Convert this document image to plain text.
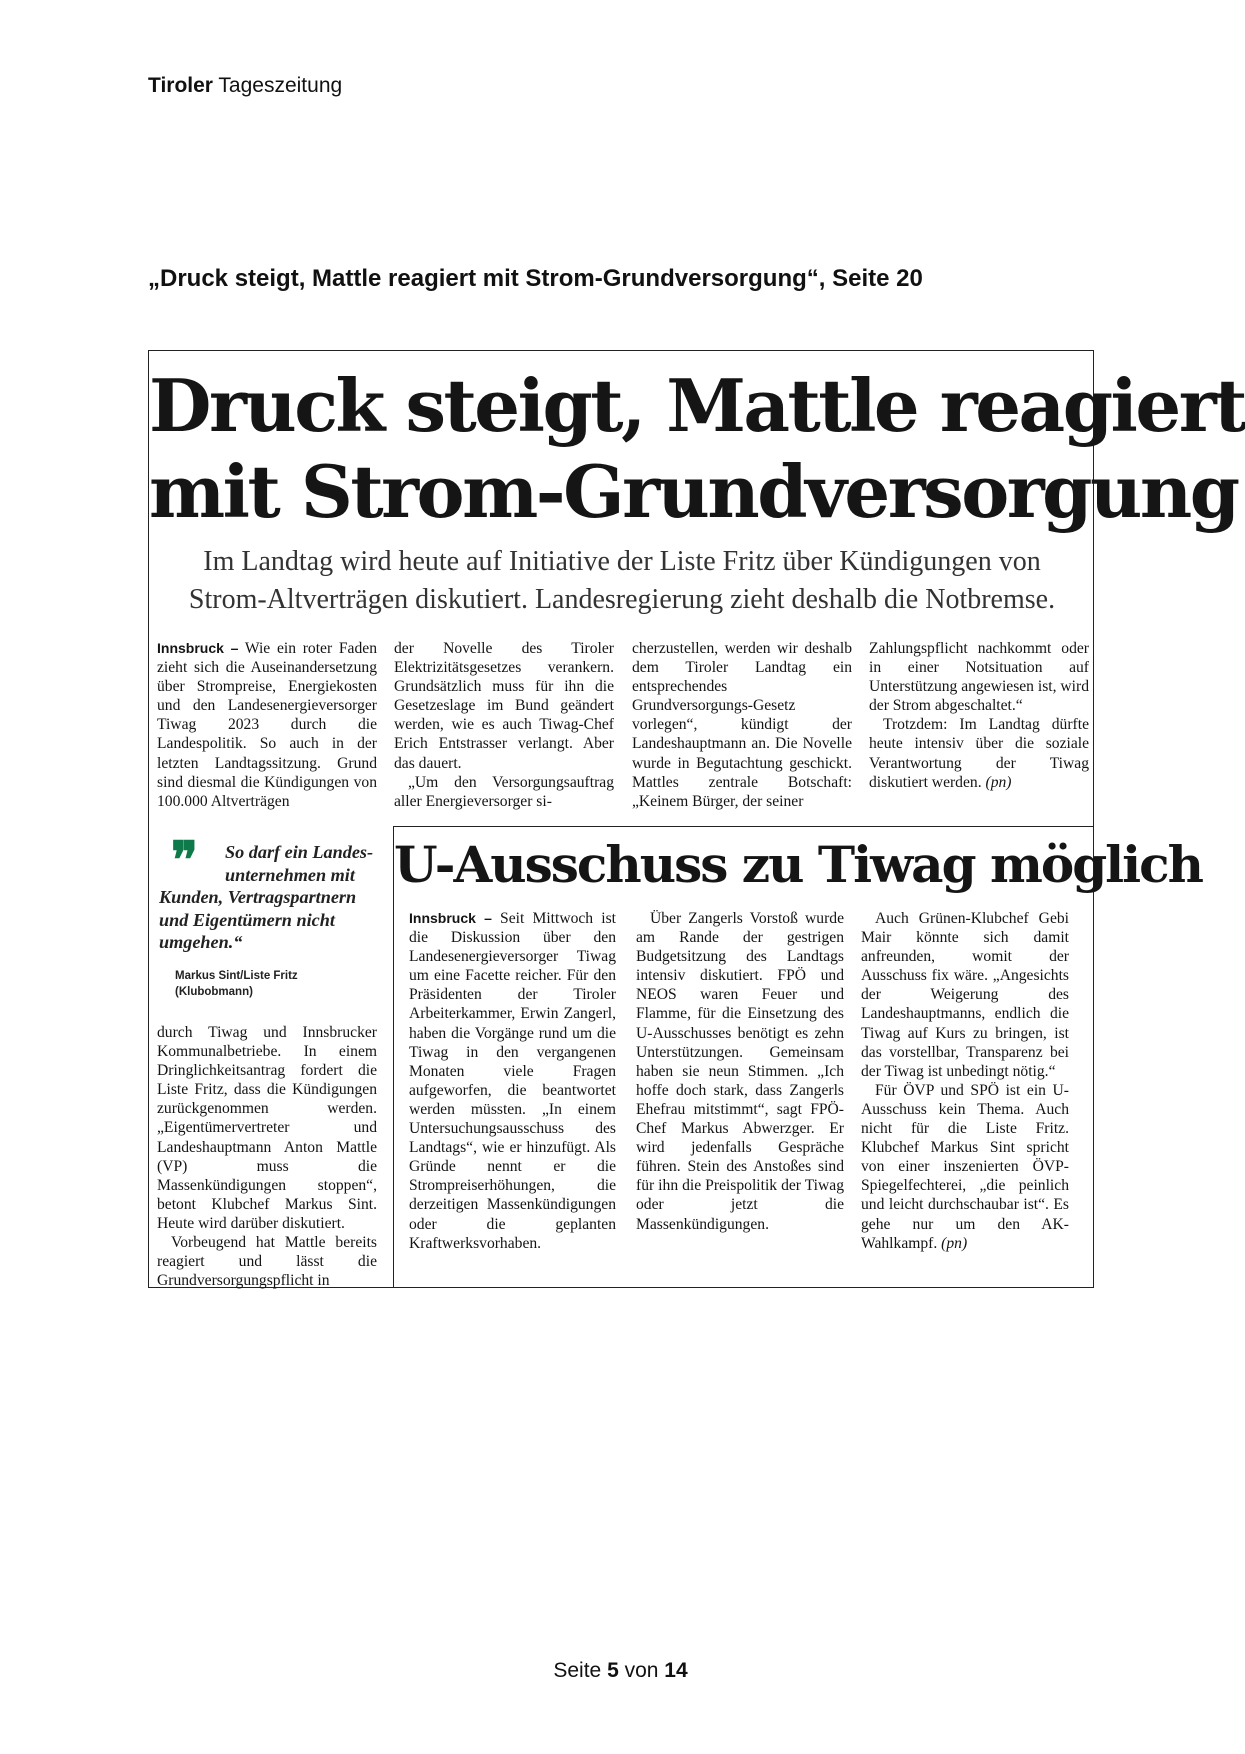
Tiroler Tageszeitung
„Druck steigt, Mattle reagiert mit Strom-Grundversorgung“, Seite 20
Druck steigt, Mattle reagiert
mit Strom-Grundversorgung
Im Landtag wird heute auf Initiative der Liste Fritz über Kündigungen von
Strom-Altverträgen diskutiert. Landesregierung zieht deshalb die Notbremse.

Innsbruck – Wie ein roter Faden zieht sich die Auseinandersetzung über Strompreise, Energiekosten und den Landesenergieversorger Tiwag 2023 durch die Landespolitik. So auch in der letzten Landtagssitzung. Grund sind diesmal die Kündigungen von 100.000 Altverträgen

der Novelle des Tiroler Elektrizitätsgesetzes verankern. Grundsätzlich muss für ihn die Gesetzeslage im Bund geändert werden, wie es auch Tiwag-Chef Erich Entstrasser verlangt. Aber das dauert.

„Um den Versorgungsauftrag aller Energieversorger si-

cherzustellen, werden wir deshalb dem Tiroler Landtag ein entsprechendes Grundversorgungs-Gesetz vorlegen“, kündigt der Landeshauptmann an. Die Novelle wurde in Begutachtung geschickt. Mattles zentrale Botschaft: „Keinem Bürger, der seiner

Zahlungspflicht nachkommt oder in einer Notsituation auf Unterstützung angewiesen ist, wird der Strom abgeschaltet.“

Trotzdem: Im Landtag dürfte heute intensiv über die soziale Verantwortung der Tiwag diskutiert werden. (pn)

❞	So darf ein Landes-
unternehmen mit
Kunden, Vertragspartnern und Eigentümern nicht umgehen.“
Markus Sint/Liste Fritz
(Klubobmann)

durch Tiwag und Innsbrucker Kommunalbetriebe. In einem Dringlichkeitsantrag fordert die Liste Fritz, dass die Kündigungen zurückgenommen werden. „Eigentümervertreter und Landeshauptmann Anton Mattle (VP) muss die Massenkündigungen stoppen“, betont Klubchef Markus Sint. Heute wird darüber diskutiert.

Vorbeugend hat Mattle bereits reagiert und lässt die Grundversorgungspflicht in

U-Ausschuss zu Tiwag möglich

Innsbruck – Seit Mittwoch ist die Diskussion über den Landesenergieversorger Tiwag um eine Facette reicher. Für den Präsidenten der Tiroler Arbeiterkammer, Erwin Zangerl, haben die Vorgänge rund um die Tiwag in den vergangenen Monaten viele Fragen aufgeworfen, die beantwortet werden müssten. „In einem Untersuchungsausschuss des Landtags“, wie er hinzufügt. Als Gründe nennt er die Strompreiserhöhungen, die derzeitigen Massenkündigungen oder die geplanten Kraftwerksvorhaben.

Über Zangerls Vorstoß wurde am Rande der gestrigen Budgetsitzung des Landtags intensiv diskutiert. FPÖ und NEOS waren Feuer und Flamme, für die Einsetzung des U-Ausschusses benötigt es zehn Unterstützungen. Gemeinsam haben sie neun Stimmen. „Ich hoffe doch stark, dass Zangerls Ehefrau mitstimmt“, sagt FPÖ-Chef Markus Abwerzger. Er wird jedenfalls Gespräche führen. Stein des Anstoßes sind für ihn die Preispolitik der Tiwag oder jetzt die Massenkündigungen.

Auch Grünen-Klubchef Gebi Mair könnte sich damit anfreunden, womit der Ausschuss fix wäre. „Angesichts der Weigerung des Landeshauptmanns, endlich die Tiwag auf Kurs zu bringen, ist das vorstellbar, Transparenz bei der Tiwag ist unbedingt nötig.“

Für ÖVP und SPÖ ist ein U-Ausschuss kein Thema. Auch nicht für die Liste Fritz. Klubchef Markus Sint spricht von einer inszenierten ÖVP-Spiegelfechterei, „die peinlich und leicht durchschaubar ist“. Es gehe nur um den AK-Wahlkampf. (pn)

Seite 5 von 14
